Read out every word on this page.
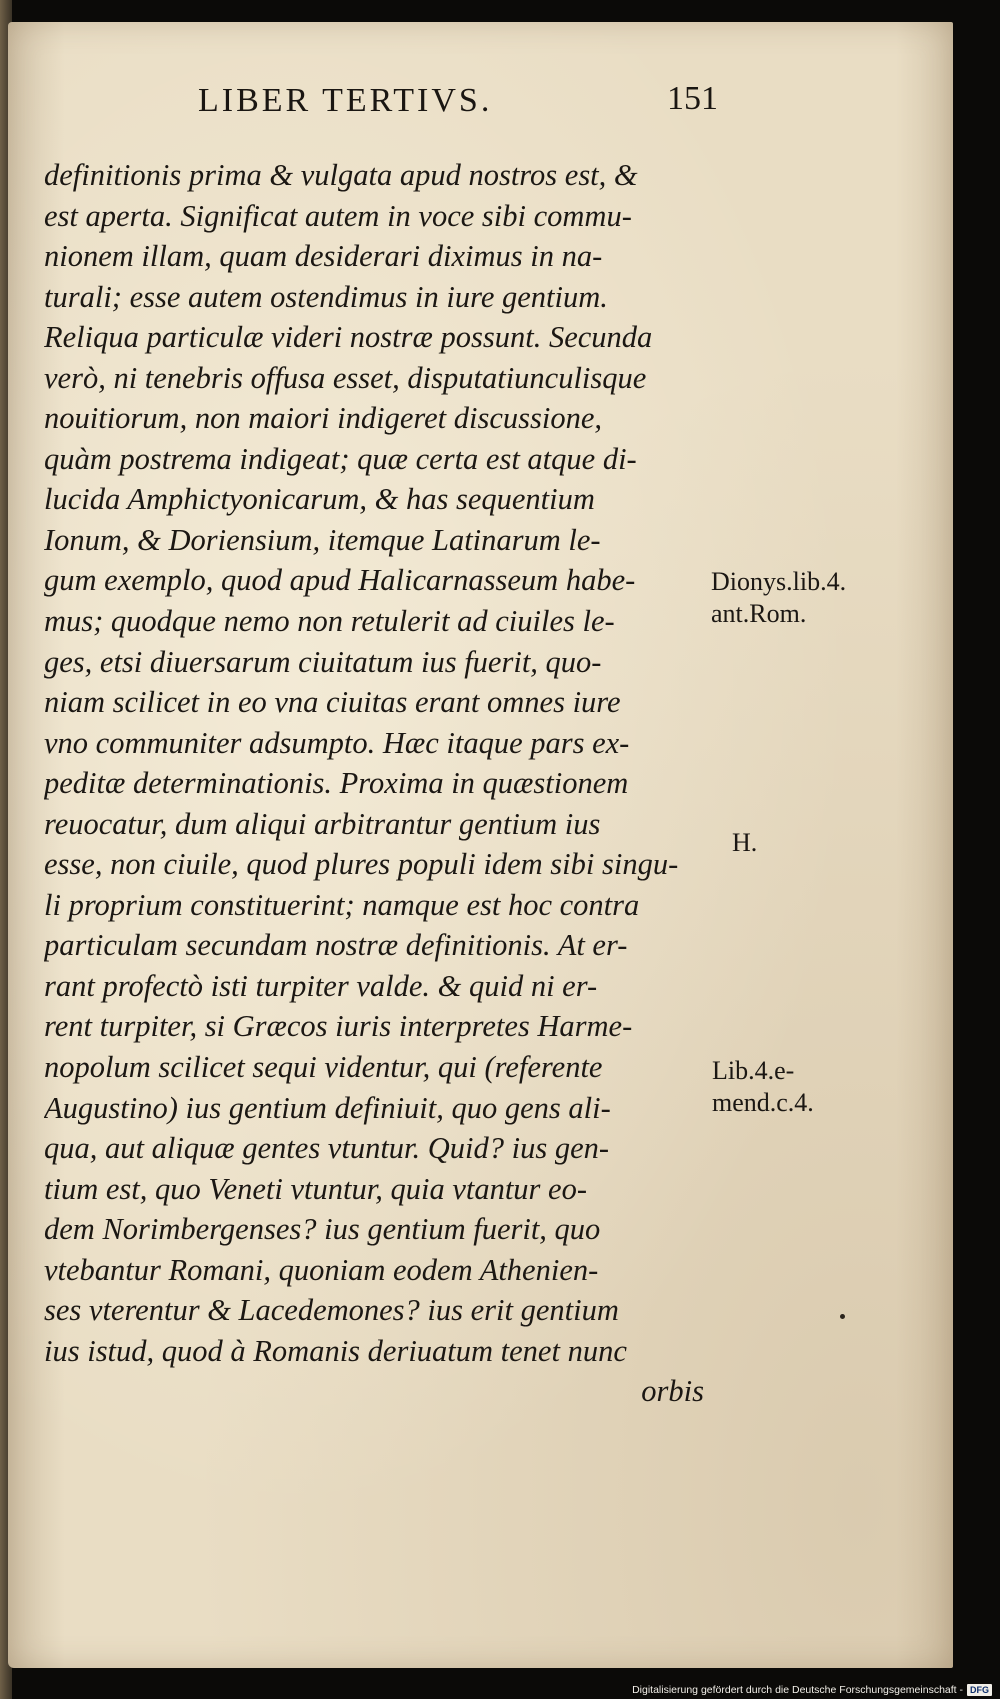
LIBER TERTIVS.	151
definitionis prima & vulgata apud nostros est, &
est aperta. Significat autem in voce sibi commu-
nionem illam, quam desiderari diximus in na-
turali; esse autem ostendimus in iure gentium.
Reliqua particulæ videri nostræ possunt. Secunda
verò, ni tenebris offusa esset, disputatiunculisque
nouitiorum, non maiori indigeret discussione,
quàm postrema indigeat; quæ certa est atque di-
lucida Amphictyonicarum, & has sequentium
Ionum, & Doriensium, itemque Latinarum le-
gum exemplo, quod apud Halicarnasseum habe-
mus; quodque nemo non retulerit ad ciuiles le-
ges, etsi diuersarum ciuitatum ius fuerit, quo-
niam scilicet in eo vna ciuitas erant omnes iure
vno communiter adsumpto. Hæc itaque pars ex-
peditæ determinationis. Proxima in quæstionem
reuocatur, dum aliqui arbitrantur gentium ius
esse, non ciuile, quod plures populi idem sibi singu-
li proprium constituerint; namque est hoc contra
particulam secundam nostræ definitionis. At er-
rant profectò isti turpiter valde. & quid ni er-
rent turpiter, si Græcos iuris interpretes Harme-
nopolum scilicet sequi videntur, qui (referente
Augustino) ius gentium definiuit, quo gens ali-
qua, aut aliquæ gentes vtuntur. Quid? ius gen-
tium est, quo Veneti vtuntur, quia vtantur eo-
dem Norimbergenses? ius gentium fuerit, quo
vtebantur Romani, quoniam eodem Athenien-
ses vterentur & Lacedemones? ius erit gentium
ius istud, quod à Romanis deriuatum tenet nunc
orbis
Dionys.lib.4.
ant.Rom.
H.
Lib.4.e-
mend.c.4.
Digitalisierung gefördert durch die Deutsche Forschungsgemeinschaft - DFG
